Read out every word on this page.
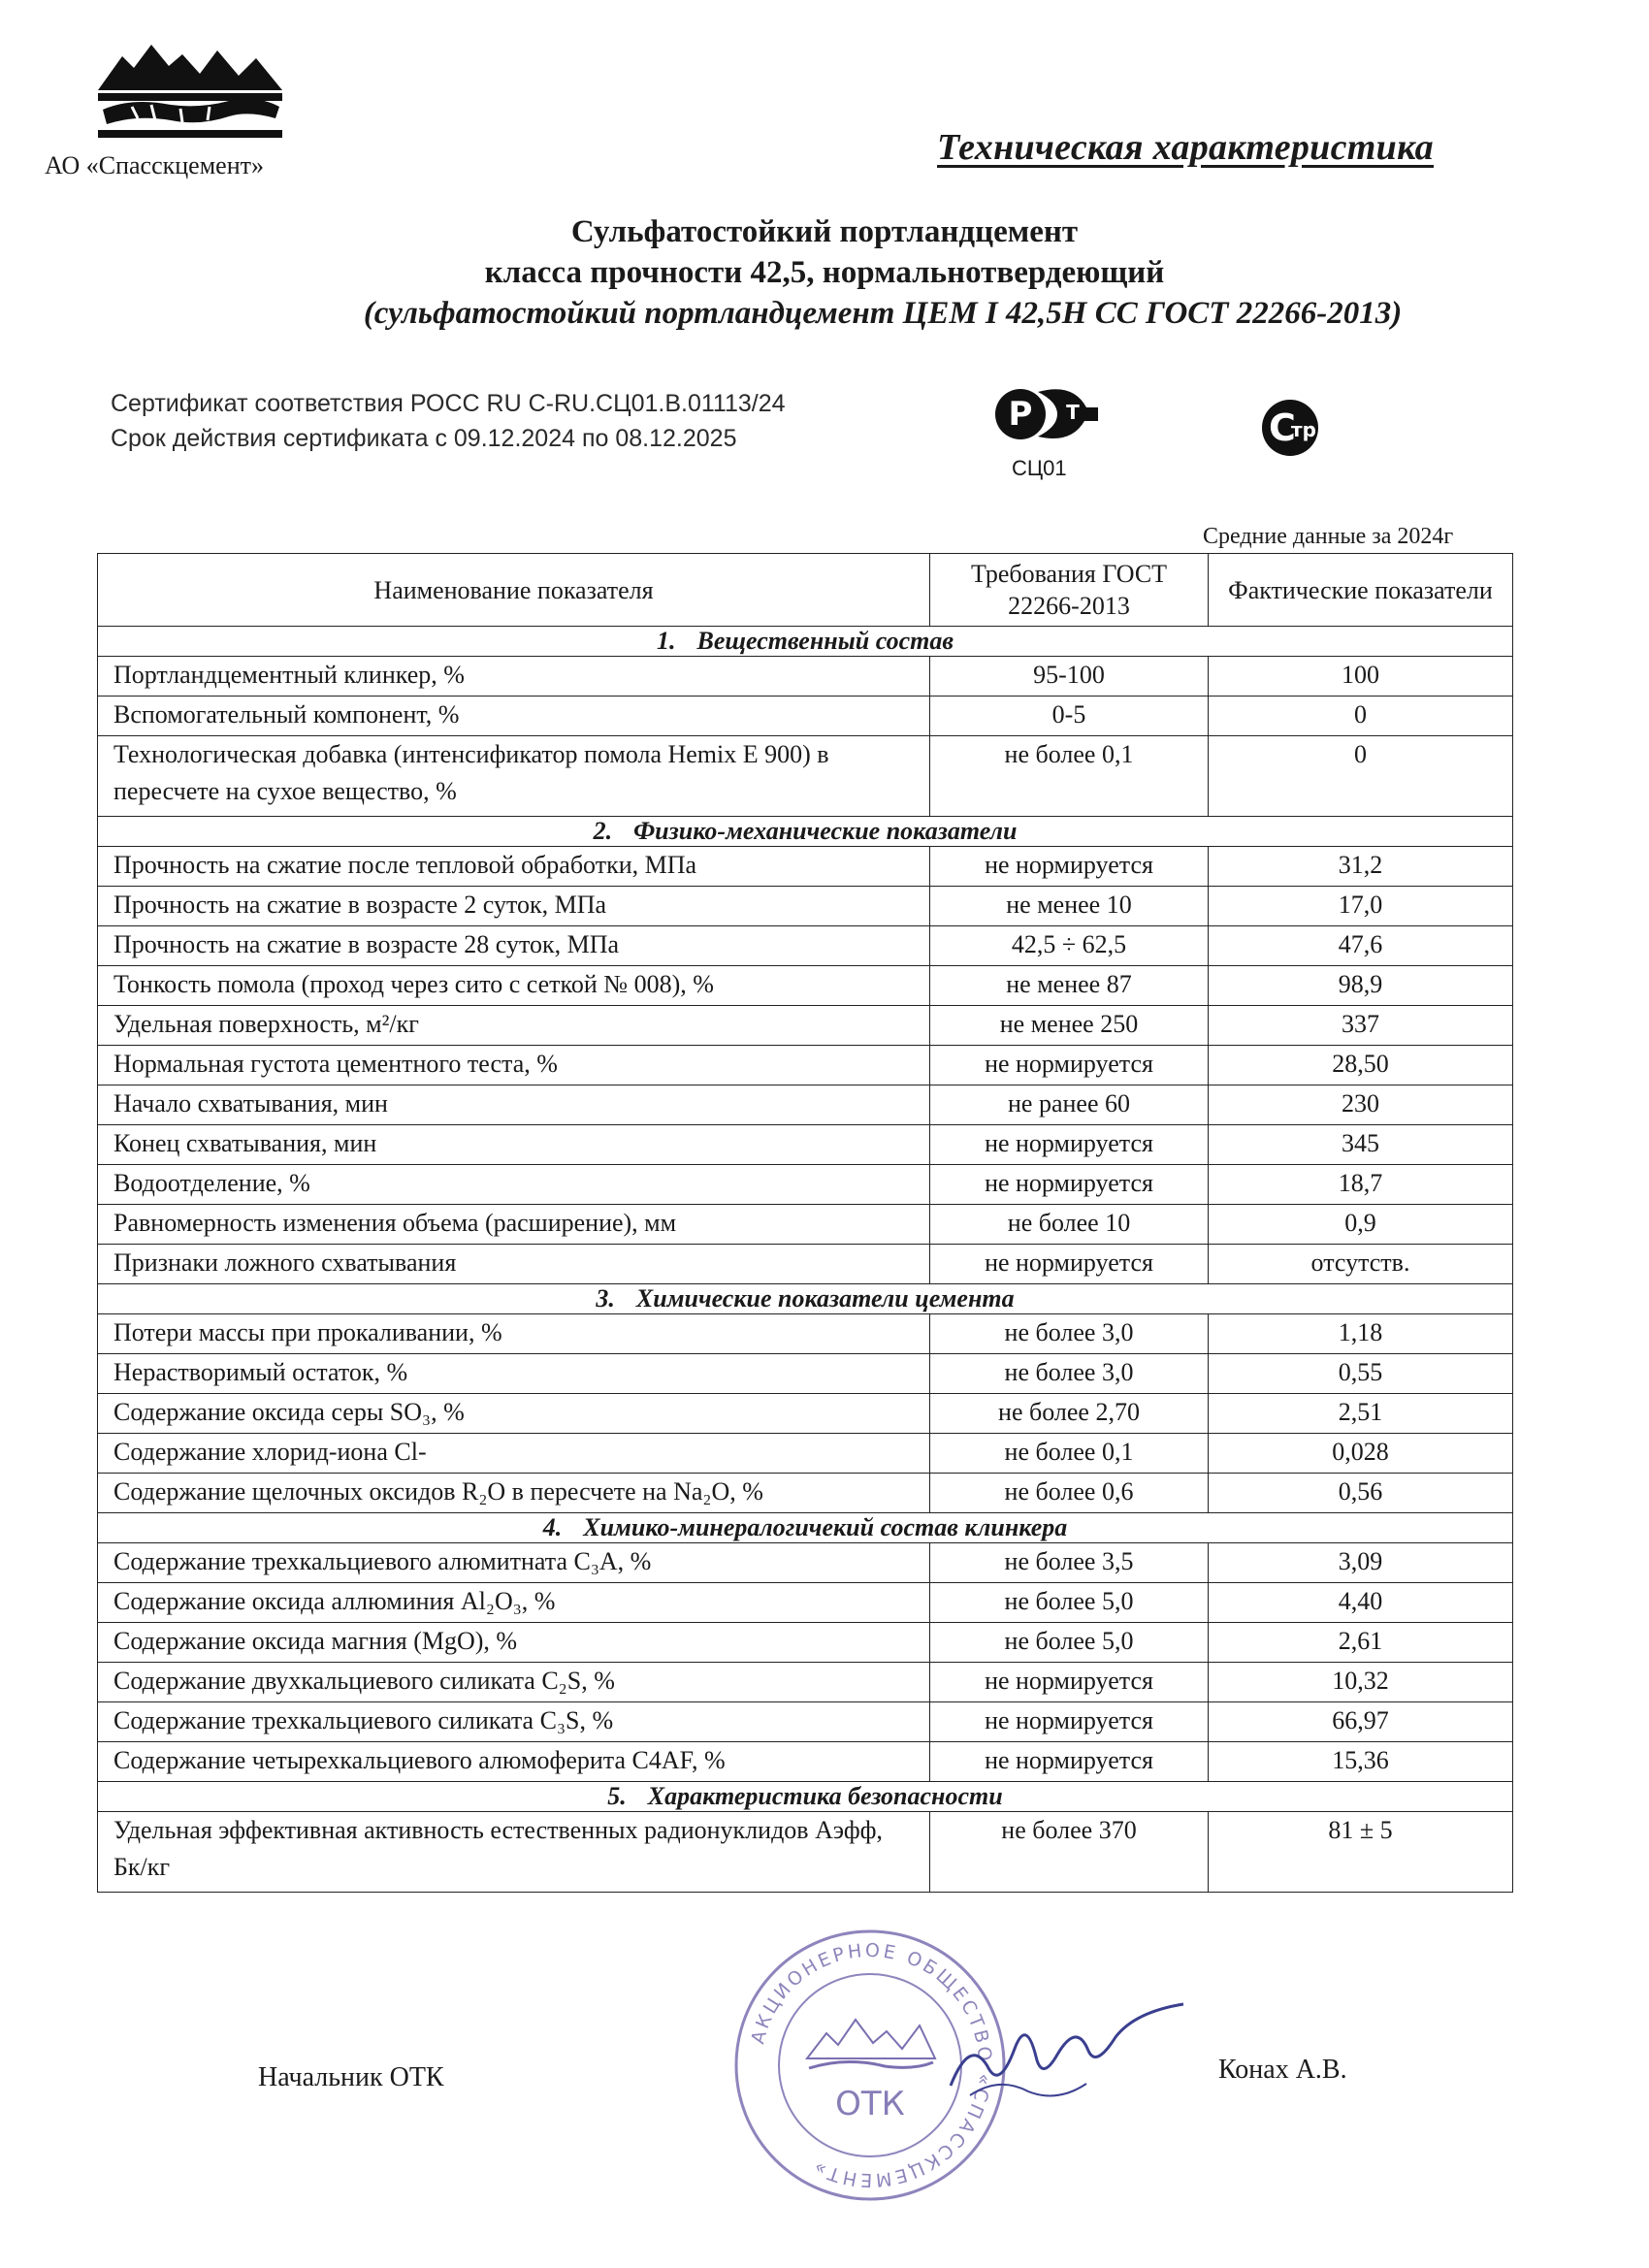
АО «Спасскцемент»	Техническая характеристика
Сульфатостойкий портландцемент
класса прочности 42,5, нормальнотвердеющий
(сульфатостойкий портландцемент ЦЕМ I 42,5Н СС ГОСТ 22266-2013)
Сертификат соответствия РОСС RU C-RU.СЦ01.В.01113/24
Срок действия сертификата с 09.12.2024 по 08.12.2025
Р Т
СЦ01
С
тр
Средние данные за 2024г
Наименование показателя	Требования ГОСТ 22266-2013	Фактические показатели
1. Вещественный состав		
Портландцементный клинкер, %	95-100	100
Вспомогательный компонент, %	0-5	0
Технологическая добавка (интенсификатор помола Hemix Е 900) в пересчете на сухое вещество, %	не более 0,1	0
2. Физико-механические показатели		
Прочность на сжатие после тепловой обработки, МПа	не нормируется	31,2
Прочность на сжатие в возрасте 2 суток, МПа	не менее 10	17,0
Прочность на сжатие в возрасте 28 суток, МПа	42,5 ÷ 62,5	47,6
Тонкость помола (проход через сито с сеткой № 008), %	не менее 87	98,9
Удельная поверхность, м²/кг	не менее 250	337
Нормальная густота цементного теста, %	не нормируется	28,50
Начало схватывания, мин	не ранее 60	230
Конец схватывания, мин	не нормируется	345
Водоотделение, %	не нормируется	18,7
Равномерность изменения объема (расширение), мм	не более 10	0,9
Признаки ложного схватывания	не нормируется	отсутств.
3. Химические показатели цемента		
Потери массы при прокаливании, %	не более 3,0	1,18
Нерастворимый остаток, %	не более 3,0	0,55
Содержание оксида серы SO₃, %	не более 2,70	2,51
Содержание хлорид-иона Cl-	не более 0,1	0,028
Содержание щелочных оксидов R₂O в пересчете на Na₂O, %	не более 0,6	0,56
4. Химико-минералогичекий состав клинкера		
Содержание трехкальциевого алюмитната C₃A, %	не более 3,5	3,09
Содержание оксида аллюминия Al₂O₃, %	не более 5,0	4,40
Содержание оксида магния (MgO), %	не более 5,0	2,61
Содержание двухкальциевого силиката C₂S, %	не нормируется	10,32
Содержание трехкальциевого силиката C₃S, %	не нормируется	66,97
Содержание четырехкальциевого алюмоферита C4AF, %	не нормируется	15,36
5. Характеристика безопасности		
Удельная эффективная активность естественных радионуклидов Аэфф, Бк/кг	не более 370	81 ± 5
Начальник ОТК	Конах А.В.
АКЦИОНЕРНОЕ ОБЩЕСТВО «СПАССКЦЕМЕНТ»
ОТК
